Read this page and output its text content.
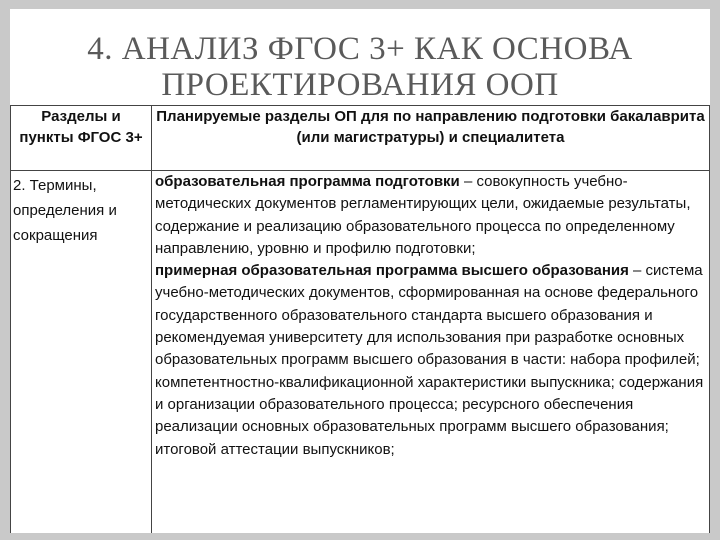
4. АНАЛИЗ ФГОС 3+ КАК ОСНОВА
ПРОЕКТИРОВАНИЯ ООП
Разделы и пункты ФГОС 3+	Планируемые разделы ОП для по направлению подготовки бакалаврита (или магистратуры) и специалитета
2. Термины, определения и сокращения	образовательная программа подготовки – совокупность учебно-методических документов регламентирующих цели, ожидаемые результаты, содержание и реализацию образовательного процесса по определенному направлению, уровню и профилю подготовки;
примерная образовательная программа высшего образования – система учебно-методических документов, сформированная на основе федерального государственного образовательного стандарта высшего образования и рекомендуемая университету для использования при разработке основных образовательных программ высшего образования в части: набора профилей; компетентностно-квалификационной характеристики выпускника; содержания и организации образовательного процесса; ресурсного обеспечения реализации основных образовательных программ высшего образования; итоговой аттестации выпускников;
